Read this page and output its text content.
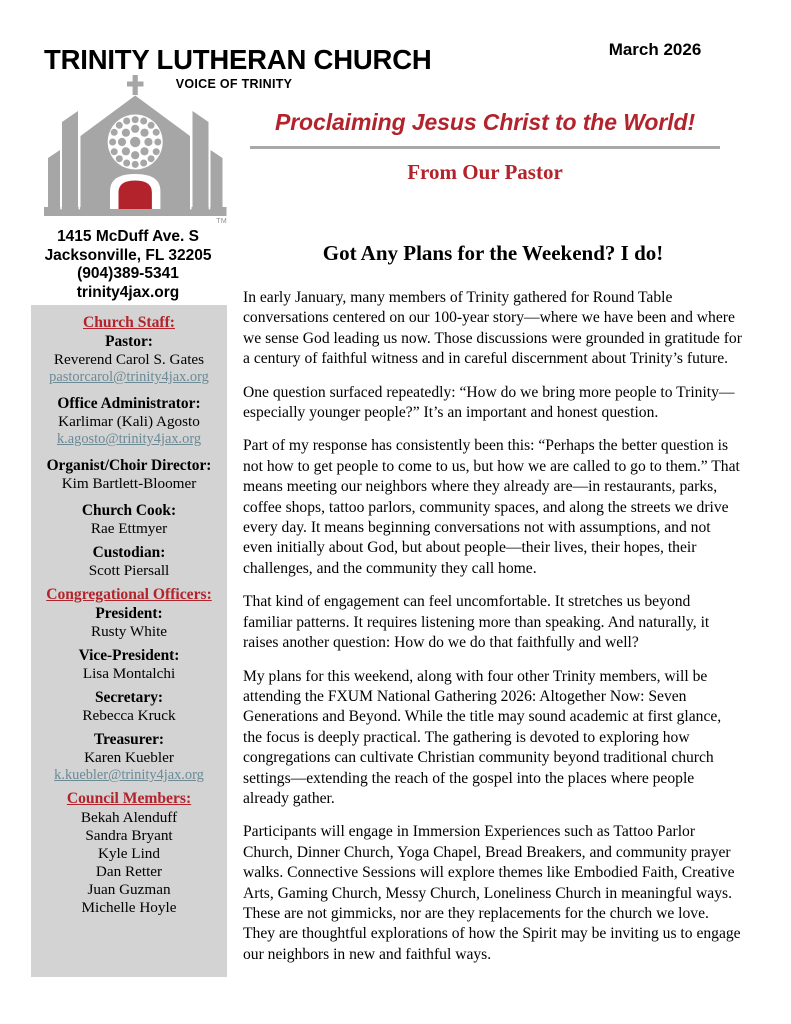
TRINITY LUTHERAN CHURCH
VOICE OF TRINITY
March 2026
TM
1415 McDuff Ave. S
Jacksonville, FL 32205
(904)389-5341
trinity4jax.org
Proclaiming Jesus Christ to the World!
From Our Pastor
Church Staff:
Pastor:
Reverend Carol S. Gates
pastorcarol@trinity4jax.org
Office Administrator:
Karlimar (Kali) Agosto
k.agosto@trinity4jax.org
Organist/Choir Director:
Kim Bartlett-Bloomer
Church Cook:
Rae Ettmyer
Custodian:
Scott Piersall
Congregational Officers:
President:
Rusty White
Vice-President:
Lisa Montalchi
Secretary:
Rebecca Kruck
Treasurer:
Karen Kuebler
k.kuebler@trinity4jax.org
Council Members:
Bekah Alenduff
Sandra Bryant
Kyle Lind
Dan Retter
Juan Guzman
Michelle Hoyle
Got Any Plans for the Weekend? I do!

In early January, many members of Trinity gathered for Round Table conversations centered on our 100-year story—where we have been and where we sense God leading us now. Those discussions were grounded in gratitude for a century of faithful witness and in careful discernment about Trinity’s future.

One question surfaced repeatedly: “How do we bring more people to Trinity—especially younger people?” It’s an important and honest question.

Part of my response has consistently been this: “Perhaps the better question is not how to get people to come to us, but how we are called to go to them.” That means meeting our neighbors where they already are—in restaurants, parks, coffee shops, tattoo parlors, community spaces, and along the streets we drive every day. It means beginning conversations not with assumptions, and not even initially about God, but about people—their lives, their hopes, their challenges, and the community they call home.

That kind of engagement can feel uncomfortable. It stretches us beyond familiar patterns. It requires listening more than speaking. And naturally, it raises another question: How do we do that faithfully and well?

My plans for this weekend, along with four other Trinity members, will be attending the FXUM National Gathering 2026: Altogether Now: Seven Generations and Beyond. While the title may sound academic at first glance, the focus is deeply practical. The gathering is devoted to exploring how congregations can cultivate Christian community beyond traditional church settings—extending the reach of the gospel into the places where people already gather.

Participants will engage in Immersion Experiences such as Tattoo Parlor Church, Dinner Church, Yoga Chapel, Bread Breakers, and community prayer walks. Connective Sessions will explore themes like Embodied Faith, Creative Arts, Gaming Church, Messy Church, Loneliness Church in meaningful ways. These are not gimmicks, nor are they replacements for the church we love. They are thoughtful explorations of how the Spirit may be inviting us to engage our neighbors in new and faithful ways.
